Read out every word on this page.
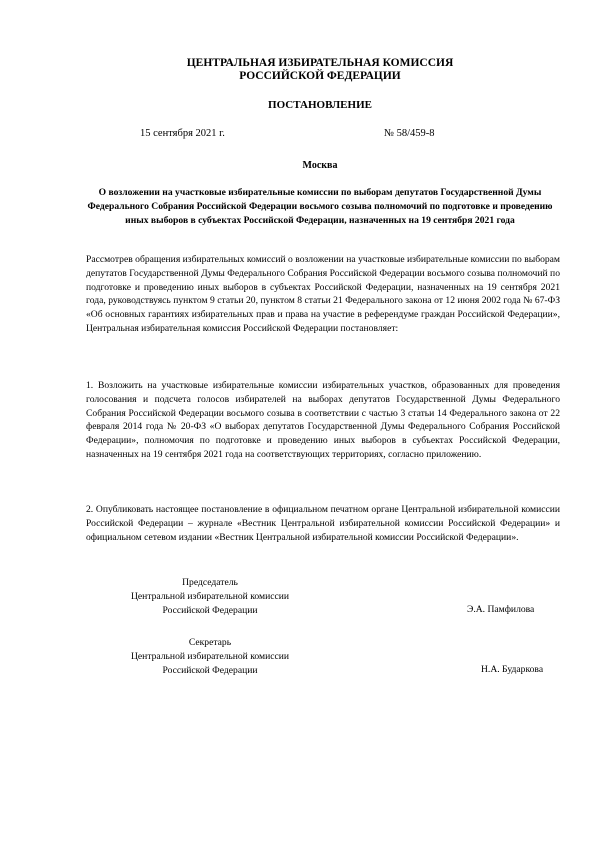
ЦЕНТРАЛЬНАЯ ИЗБИРАТЕЛЬНАЯ КОМИССИЯ
РОССИЙСКОЙ ФЕДЕРАЦИИ
ПОСТАНОВЛЕНИЕ
15 сентября 2021 г.	№ 58/459-8
Москва
О возложении на участковые избирательные комиссии по выборам депутатов Государственной Думы Федерального Собрания Российской Федерации восьмого созыва полномочий по подготовке и проведению иных выборов в субъектах Российской Федерации, назначенных на 19 сентября 2021 года
Рассмотрев обращения избирательных комиссий о возложении на участковые избирательные комиссии по выборам депутатов Государственной Думы Федерального Собрания Российской Федерации восьмого созыва полномочий по подготовке и проведению иных выборов в субъектах Российской Федерации, назначенных на 19 сентября 2021 года, руководствуясь пунктом 9 статьи 20, пунктом 8 статьи 21 Федерального закона от 12 июня 2002 года № 67-ФЗ «Об основных гарантиях избирательных прав и права на участие в референдуме граждан Российской Федерации», Центральная избирательная комиссия Российской Федерации постановляет:
1. Возложить на участковые избирательные комиссии избирательных участков, образованных для проведения голосования и подсчета голосов избирателей на выборах депутатов Государственной Думы Федерального Собрания Российской Федерации восьмого созыва в соответствии с частью 3 статьи 14 Федерального закона от 22 февраля 2014 года № 20-ФЗ «О выборах депутатов Государственной Думы Федерального Собрания Российской Федерации», полномочия по подготовке и проведению иных выборов в субъектах Российской Федерации, назначенных на 19 сентября 2021 года на соответствующих территориях, согласно приложению.
2. Опубликовать настоящее постановление в официальном печатном органе Центральной избирательной комиссии Российской Федерации – журнале «Вестник Центральной избирательной комиссии Российской Федерации» и официальном сетевом издании «Вестник Центральной избирательной комиссии Российской Федерации».
Председатель
Центральной избирательной комиссии
Российской Федерации	Э.А. Памфилова
Секретарь
Центральной избирательной комиссии
Российской Федерации	Н.А. Бударкова
